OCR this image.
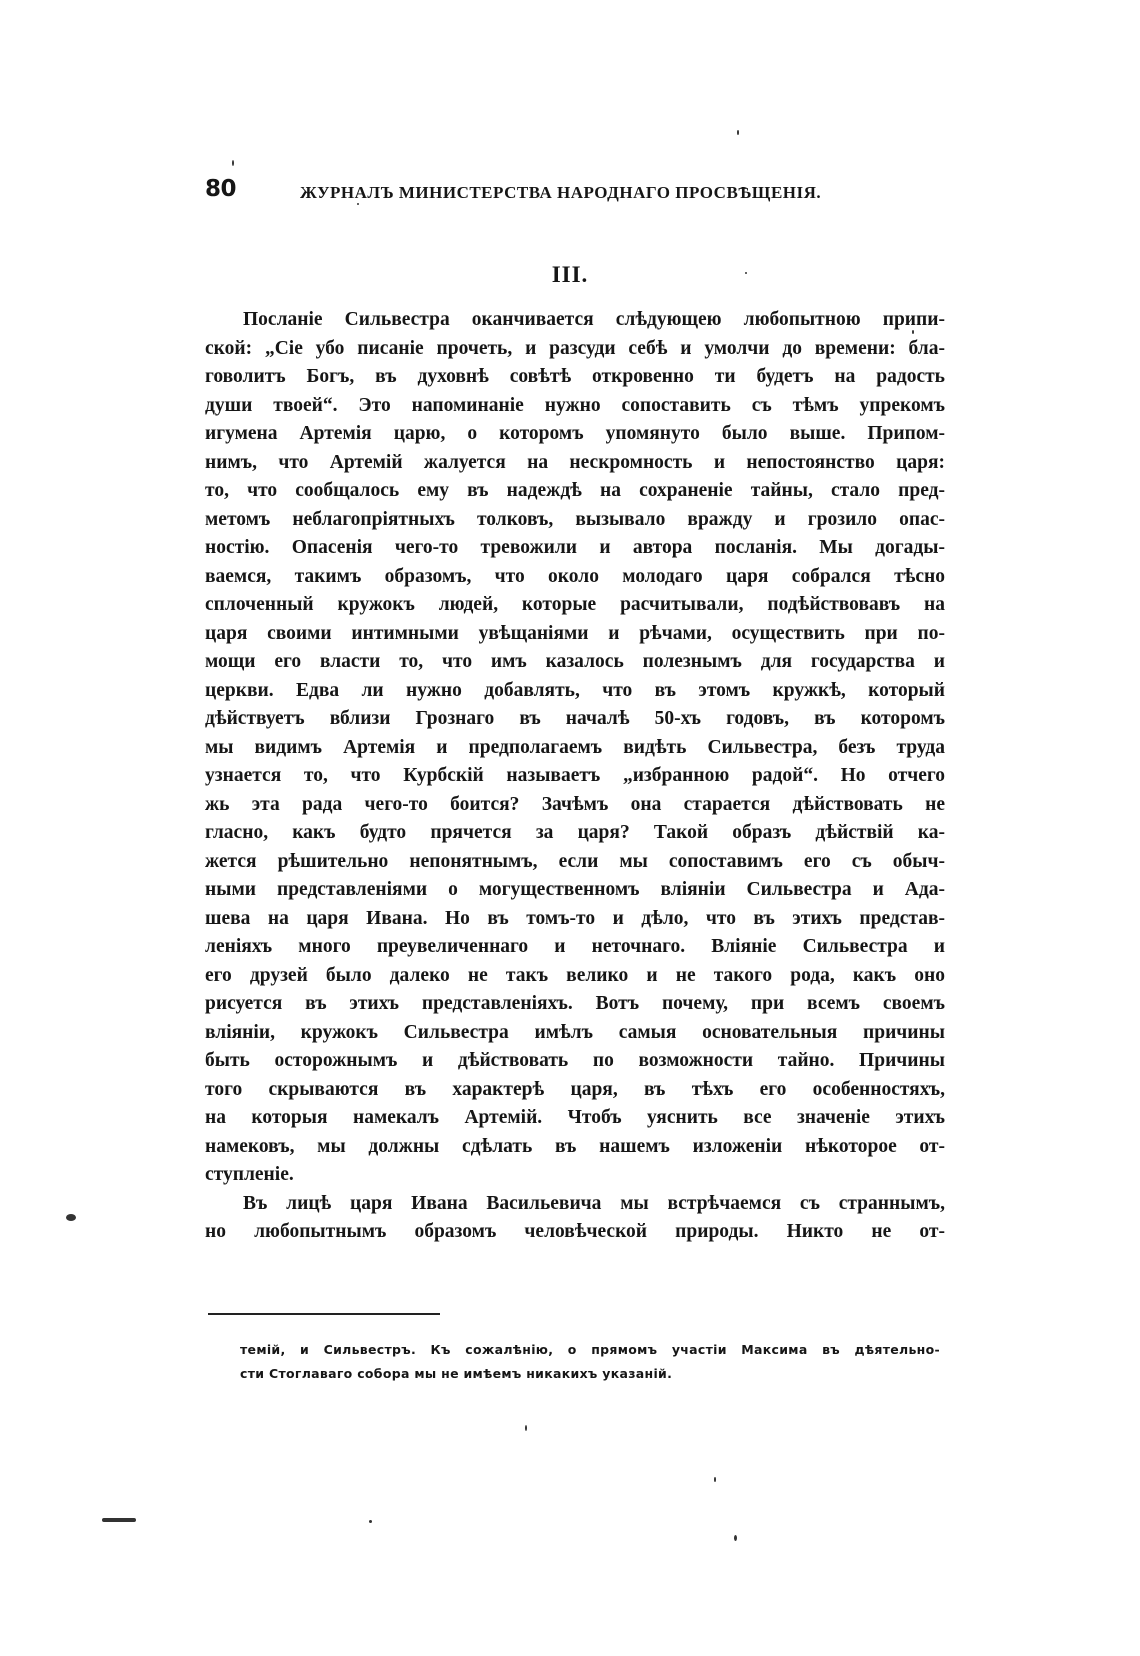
80	ЖУРНАЛЪ МИНИСТЕРСТВА НАРОДНАГО ПРОСВѢЩЕНІЯ.
III.
Посланіе Сильвестра оканчивается слѣдующею любопытною припи-
ской: „Сіе убо писаніе прочеть, и разсуди себѣ и умолчи до времени: бла-
говолитъ Богъ, въ духовнѣ совѣтѣ откровенно ти будетъ на радость
души твоей“. Это напоминаніе нужно сопоставить съ тѣмъ упрекомъ
игумена Артемія царю, о которомъ упомянуто было выше. Припом-
нимъ, что Артемій жалуется на нескромность и непостоянство царя:
то, что сообщалось ему въ надеждѣ на сохраненіе тайны, стало пред-
метомъ неблагопріятныхъ толковъ, вызывало вражду и грозило опас-
ностію. Опасенія чего-то тревожили и автора посланія. Мы догады-
ваемся, такимъ образомъ, что около молодаго царя собрался тѣсно
сплоченный кружокъ людей, которые расчитывали, подѣйствовавъ на
царя своими интимными увѣщаніями и рѣчами, осуществить при по-
мощи его власти то, что имъ казалось полезнымъ для государства и
церкви. Едва ли нужно добавлять, что въ этомъ кружкѣ, который
дѣйствуетъ вблизи Грознаго въ началѣ 50-хъ годовъ, въ которомъ
мы видимъ Артемія и предполагаемъ видѣть Сильвестра, безъ труда
узнается то, что Курбскій называетъ „избранною радой“. Но отчего
жь эта рада чего-то боится? Зачѣмъ она старается дѣйствовать не
гласно, какъ будто прячется за царя? Такой образъ дѣйствій ка-
жется рѣшительно непонятнымъ, если мы сопоставимъ его съ обыч-
ными представленіями о могущественномъ вліяніи Сильвестра и Ада-
шева на царя Ивана. Но въ томъ-то и дѣло, что въ этихъ представ-
леніяхъ много преувеличеннаго и неточнаго. Вліяніе Сильвестра и
его друзей было далеко не такъ велико и не такого рода, какъ оно
рисуется въ этихъ представленіяхъ. Вотъ почему, при всемъ своемъ
вліяніи, кружокъ Сильвестра имѣлъ самыя основательныя причины
быть осторожнымъ и дѣйствовать по возможности тайно. Причины
того скрываются въ характерѣ царя, въ тѣхъ его особенностяхъ,
на которыя намекалъ Артемій. Чтобъ уяснить все значеніе этихъ
намековъ, мы должны сдѣлать въ нашемъ изложеніи нѣкоторое от-
ступленіе.
Въ лицѣ царя Ивана Васильевича мы встрѣчаемся съ страннымъ,
но любопытнымъ образомъ человѣческой природы. Никто не от-
темій, и Сильвестръ. Къ сожалѣнію, о прямомъ участіи Максима въ дѣятельно-
сти Стоглаваго собора мы не имѣемъ никакихъ указаній.
